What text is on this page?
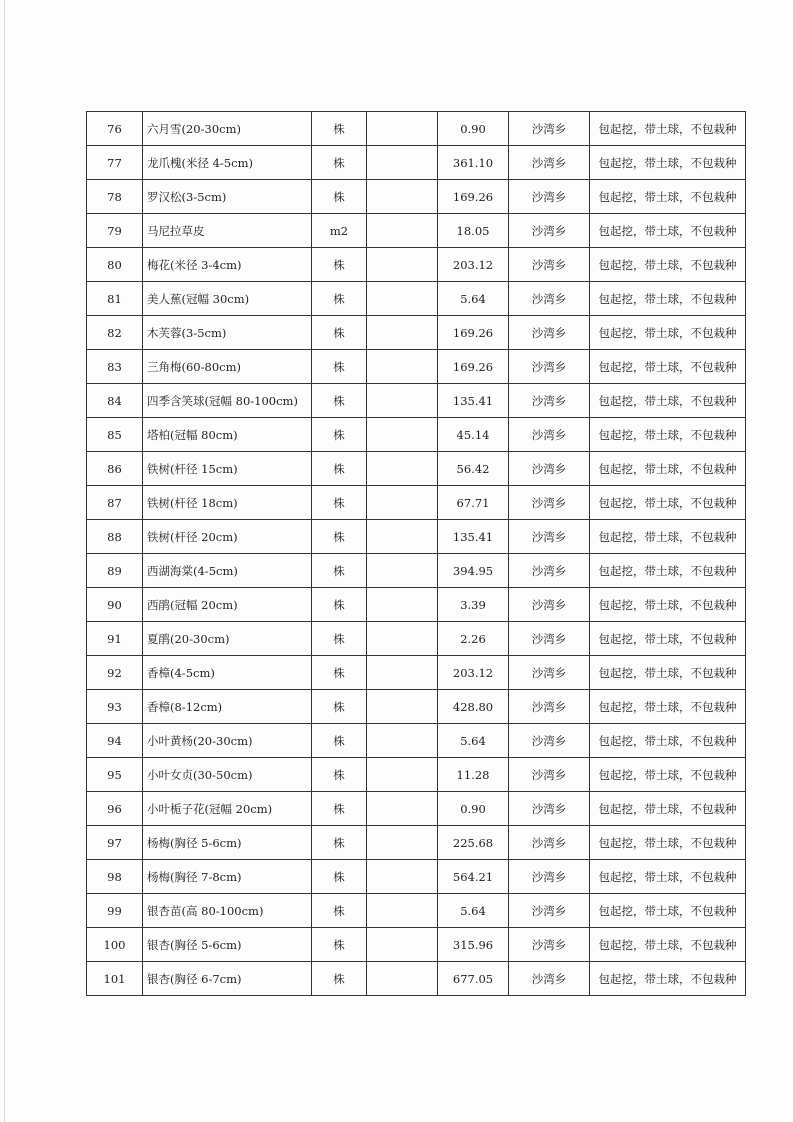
76	六月雪(20-30cm)	株		0.90	沙湾乡	包起挖，带土球，不包栽种
77	龙爪槐(米径 4-5cm)	株		361.10	沙湾乡	包起挖，带土球，不包栽种
78	罗汉松(3-5cm)	株		169.26	沙湾乡	包起挖，带土球，不包栽种
79	马尼拉草皮	m2		18.05	沙湾乡	包起挖，带土球，不包栽种
80	梅花(米径 3-4cm)	株		203.12	沙湾乡	包起挖，带土球，不包栽种
81	美人蕉(冠幅 30cm)	株		5.64	沙湾乡	包起挖，带土球，不包栽种
82	木芙蓉(3-5cm)	株		169.26	沙湾乡	包起挖，带土球，不包栽种
83	三角梅(60-80cm)	株		169.26	沙湾乡	包起挖，带土球，不包栽种
84	四季含笑球(冠幅 80-100cm)	株		135.41	沙湾乡	包起挖，带土球，不包栽种
85	塔柏(冠幅 80cm)	株		45.14	沙湾乡	包起挖，带土球，不包栽种
86	铁树(杆径 15cm)	株		56.42	沙湾乡	包起挖，带土球，不包栽种
87	铁树(杆径 18cm)	株		67.71	沙湾乡	包起挖，带土球，不包栽种
88	铁树(杆径 20cm)	株		135.41	沙湾乡	包起挖，带土球，不包栽种
89	西湖海棠(4-5cm)	株		394.95	沙湾乡	包起挖，带土球，不包栽种
90	西鹃(冠幅 20cm)	株		3.39	沙湾乡	包起挖，带土球，不包栽种
91	夏鹃(20-30cm)	株		2.26	沙湾乡	包起挖，带土球，不包栽种
92	香樟(4-5cm)	株		203.12	沙湾乡	包起挖，带土球，不包栽种
93	香樟(8-12cm)	株		428.80	沙湾乡	包起挖，带土球，不包栽种
94	小叶黄杨(20-30cm)	株		5.64	沙湾乡	包起挖，带土球，不包栽种
95	小叶女贞(30-50cm)	株		11.28	沙湾乡	包起挖，带土球，不包栽种
96	小叶栀子花(冠幅 20cm)	株		0.90	沙湾乡	包起挖，带土球，不包栽种
97	杨梅(胸径 5-6cm)	株		225.68	沙湾乡	包起挖，带土球，不包栽种
98	杨梅(胸径 7-8cm)	株		564.21	沙湾乡	包起挖，带土球，不包栽种
99	银杏苗(高 80-100cm)	株		5.64	沙湾乡	包起挖，带土球，不包栽种
100	银杏(胸径 5-6cm)	株		315.96	沙湾乡	包起挖，带土球，不包栽种
101	银杏(胸径 6-7cm)	株		677.05	沙湾乡	包起挖，带土球，不包栽种
